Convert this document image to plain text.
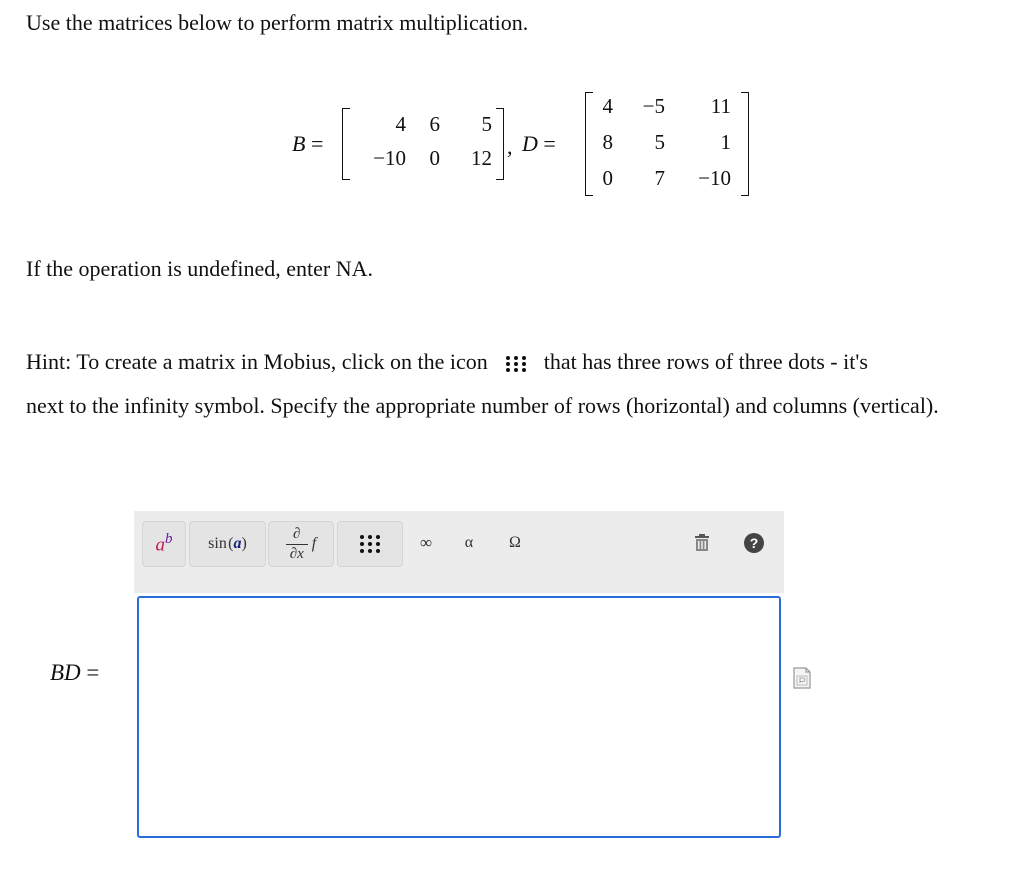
Use the matrices below to perform matrix multiplication.
B =
4	6	5
−10	0	12 , D =
4	−5	11
8	5	1
0	7	−10
If the operation is undefined, enter NA.
Hint: To create a matrix in Mobius, click on the icon	that has three rows of three dots - it's
next to the infinity symbol. Specify the appropriate number of rows (horizontal) and columns (vertical).
$a^b$ sin (a)
∂
∂x
f	∞	α	Ω	?
BD =
